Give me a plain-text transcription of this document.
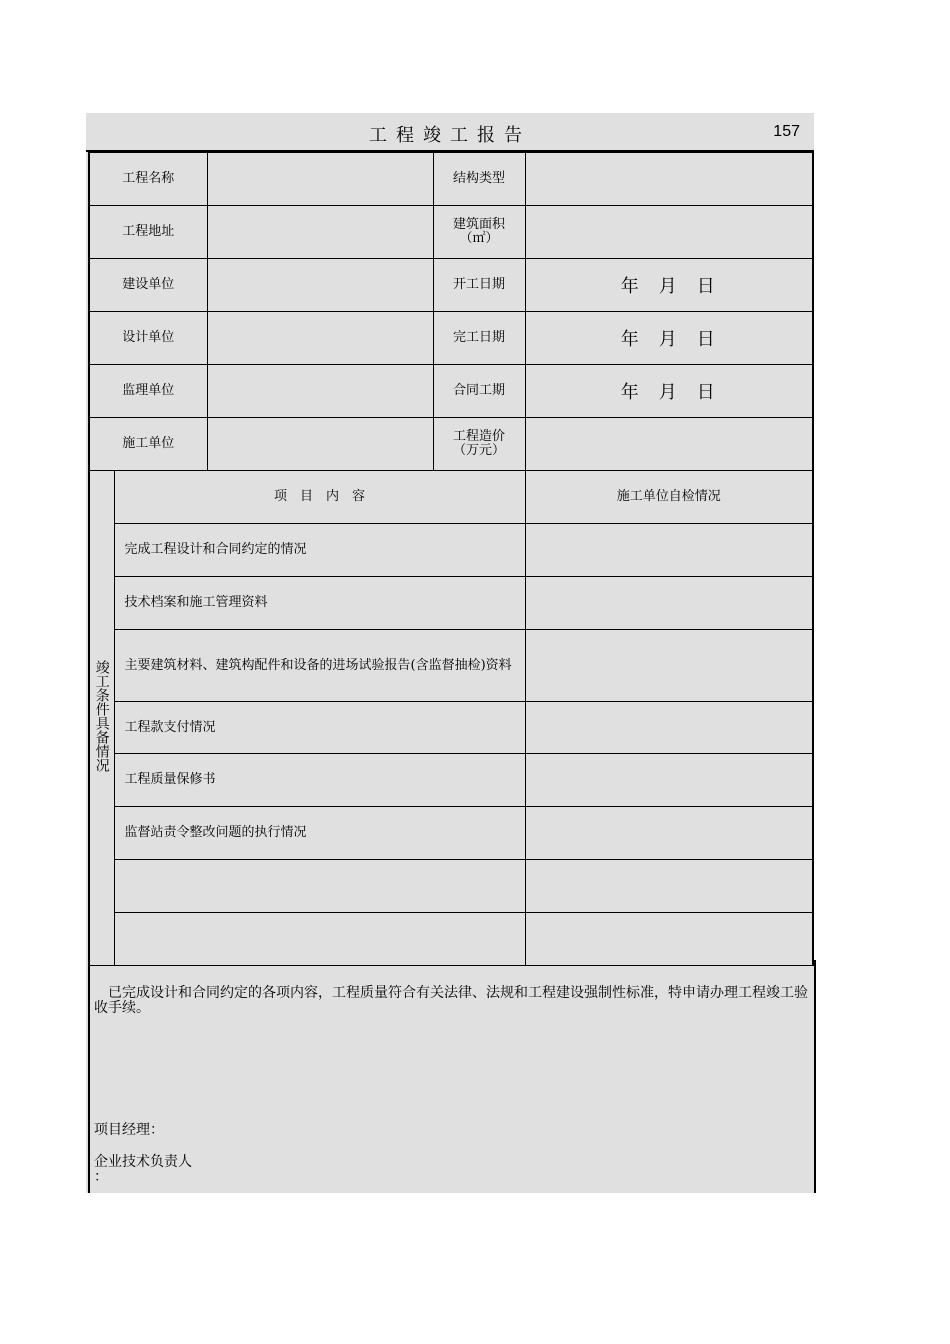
工程竣工报告	157
工程名称			结构类型	
工程地址			建筑面积
（㎡）	
建设单位			开工日期	年 月 日
设计单位			完工日期	年 月 日
监理单位			合同工期	年 月 日
施工单位			工程造价
（万元）	
竣工条件具备情况	项　目　内　容			施工单位自检情况
	完成工程设计和合同约定的情况			
	技术档案和施工管理资料			
	主要建筑材料、建筑构配件和设备的进场试验报告(含监督抽检)资料			
	工程款支付情况			
	工程质量保修书			
	监督站责令整改问题的执行情况			

已完成设计和合同约定的各项内容，工程质量符合有关法律、法规和工程建设强制性标准，特申请办理工程竣工验收手续。
项目经理：
企业技术负责人
：
